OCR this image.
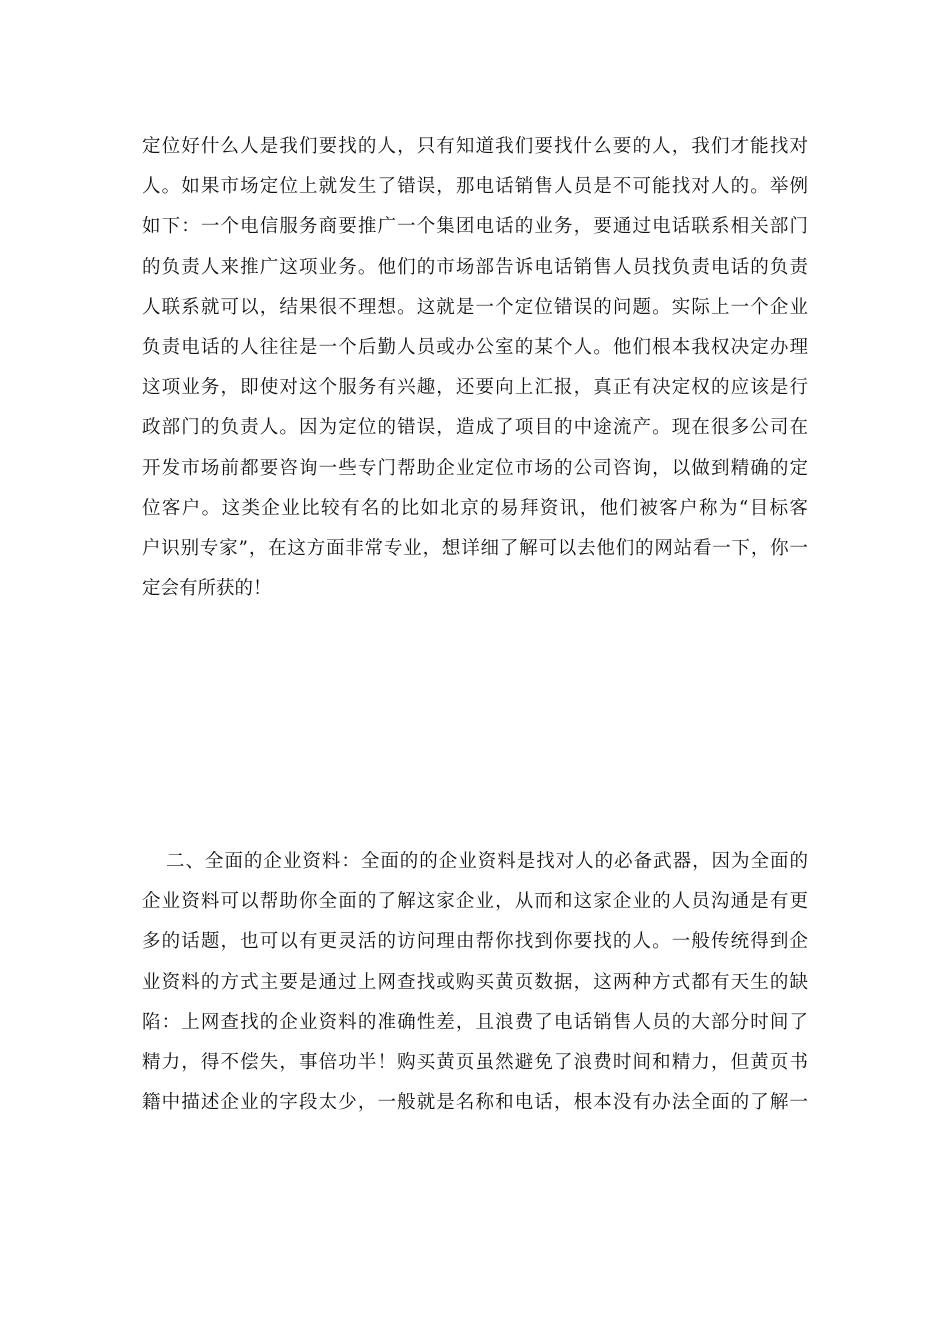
定位好什么人是我们要找的人，只有知道我们要找什么要的人，我们才能找对
人。如果市场定位上就发生了错误，那电话销售人员是不可能找对人的。举例
如下：一个电信服务商要推广一个集团电话的业务，要通过电话联系相关部门
的负责人来推广这项业务。他们的市场部告诉电话销售人员找负责电话的负责
人联系就可以，结果很不理想。这就是一个定位错误的问题。实际上一个企业
负责电话的人往往是一个后勤人员或办公室的某个人。他们根本我权决定办理
这项业务，即使对这个服务有兴趣，还要向上汇报，真正有决定权的应该是行
政部门的负责人。因为定位的错误，造成了项目的中途流产。现在很多公司在
开发市场前都要咨询一些专门帮助企业定位市场的公司咨询，以做到精确的定
位客户。这类企业比较有名的比如北京的易拜资讯，他们被客户称为“目标客
户识别专家”，在这方面非常专业，想详细了解可以去他们的网站看一下，你一
定会有所获的！
二、全面的企业资料：全面的的企业资料是找对人的必备武器，因为全面的
企业资料可以帮助你全面的了解这家企业，从而和这家企业的人员沟通是有更
多的话题，也可以有更灵活的访问理由帮你找到你要找的人。一般传统得到企
业资料的方式主要是通过上网查找或购买黄页数据，这两种方式都有天生的缺
陷：上网查找的企业资料的准确性差，且浪费了电话销售人员的大部分时间了
精力，得不偿失，事倍功半！购买黄页虽然避免了浪费时间和精力，但黄页书
籍中描述企业的字段太少，一般就是名称和电话，根本没有办法全面的了解一
